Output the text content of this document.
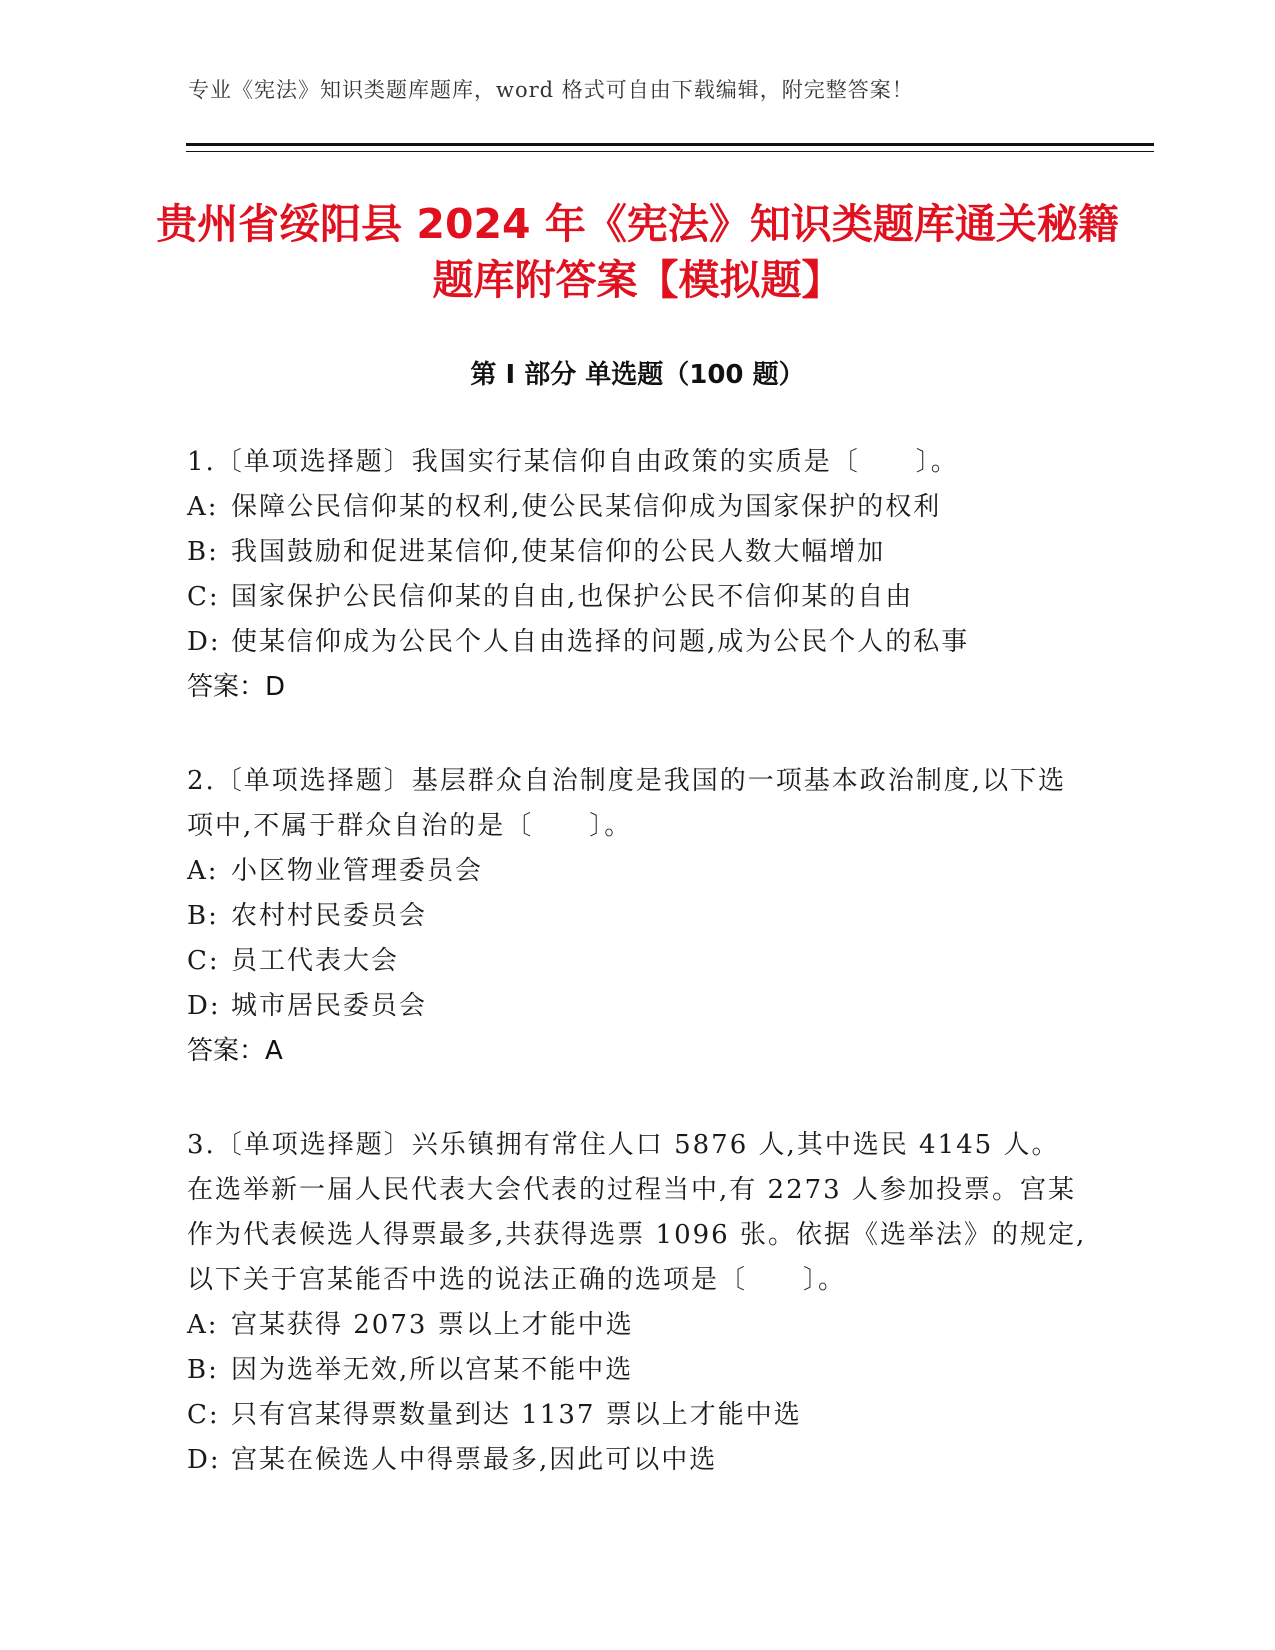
专业《宪法》知识类题库题库，word 格式可自由下载编辑，附完整答案！
贵州省绥阳县 2024 年《宪法》知识类题库通关秘籍题库附答案【模拟题】
第 I 部分 单选题（100 题）

1.〔单项选择题〕我国实行某信仰自由政策的实质是〔　　〕。

A: 保障公民信仰某的权利,使公民某信仰成为国家保护的权利

B: 我国鼓励和促进某信仰,使某信仰的公民人数大幅增加

C: 国家保护公民信仰某的自由,也保护公民不信仰某的自由

D: 使某信仰成为公民个人自由选择的问题,成为公民个人的私事

答案：D

2.〔单项选择题〕基层群众自治制度是我国的一项基本政治制度,以下选项中,不属于群众自治的是〔　　〕。

A: 小区物业管理委员会

B: 农村村民委员会

C: 员工代表大会

D: 城市居民委员会

答案：A

3.〔单项选择题〕兴乐镇拥有常住人口 5876 人,其中选民 4145 人。在选举新一届人民代表大会代表的过程当中,有 2273 人参加投票。宫某作为代表候选人得票最多,共获得选票 1096 张。依据《选举法》的规定,以下关于宫某能否中选的说法正确的选项是〔　　〕。

A: 宫某获得 2073 票以上才能中选

B: 因为选举无效,所以宫某不能中选

C: 只有宫某得票数量到达 1137 票以上才能中选

D: 宫某在候选人中得票最多,因此可以中选
